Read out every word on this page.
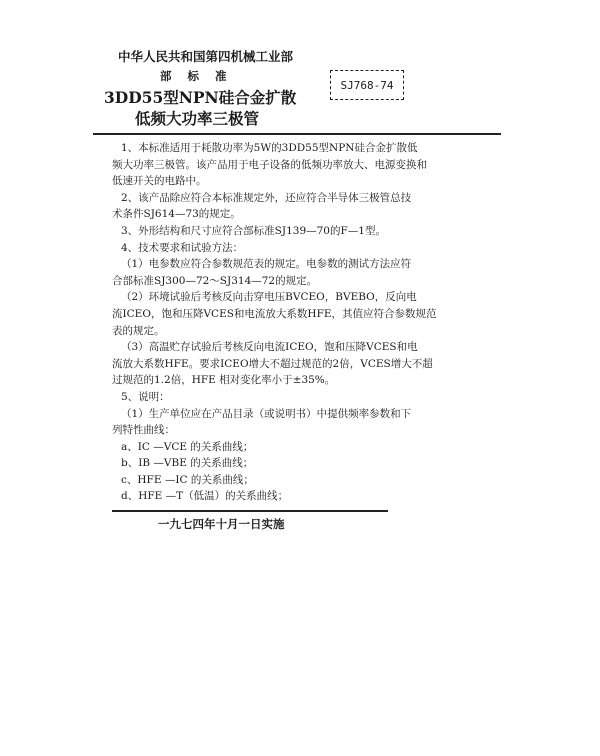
中华人民共和国第四机械工业部
部标准
3DD55型NPN硅合金扩散
低频大功率三极管
SJ768-74
1、本标准适用于耗散功率为5W的3DD55型NPN硅合金扩散低
频大功率三极管。该产品用于电子设备的低频功率放大、电源变换和
低速开关的电路中。
2、该产品除应符合本标准规定外，还应符合半导体三极管总技
术条件SJ614—73的规定。
3、外形结构和尺寸应符合部标准SJ139—70的F—1型。
4、技术要求和试验方法：
（1）电参数应符合参数规范表的规定。电参数的测试方法应符
合部标准SJ300—72～SJ314—72的规定。
（2）环境试验后考核反向击穿电压BVCEO，BVEBO，反向电
流ICEO，饱和压降VCES和电流放大系数HFE，其值应符合参数规范
表的规定。
（3）高温贮存试验后考核反向电流ICEO，饱和压降VCES和电
流放大系数HFE。要求ICEO增大不超过规范的2倍，VCES增大不超
过规范的1.2倍，HFE 相对变化率小于±35%。
5、说明：
（1）生产单位应在产品目录（或说明书）中提供频率参数和下
列特性曲线：
a、IC —VCE 的关系曲线；
b、IB —VBE 的关系曲线；
c、HFE —IC 的关系曲线；
d、HFE —T（低温）的关系曲线；
一九七四年十月一日实施
